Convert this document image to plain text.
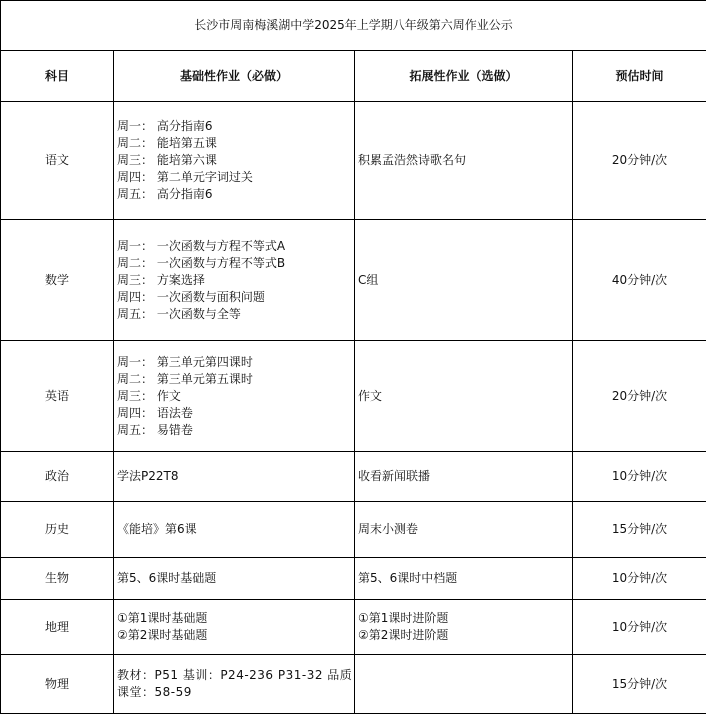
长沙市周南梅溪湖中学2025年上学期八年级第六周作业公示			
科目	基础性作业（必做）	拓展性作业（选做）	预估时间
语文	周一： 高分指南6
周二： 能培第五课
周三： 能培第六课
周四： 第二单元字词过关
周五： 高分指南6	积累孟浩然诗歌名句	20分钟/次
数学	周一： 一次函数与方程不等式A
周二： 一次函数与方程不等式B
周三： 方案选择
周四： 一次函数与面积问题
周五： 一次函数与全等	C组	40分钟/次
英语	周一： 第三单元第四课时
周二： 第三单元第五课时
周三： 作文
周四： 语法卷
周五： 易错卷	作文	20分钟/次
政治	学法P22T8	收看新闻联播	10分钟/次
历史	《能培》第6课	周末小测卷	15分钟/次
生物	第5、6课时基础题	第5、6课时中档题	10分钟/次
地理	①第1课时基础题
②第2课时基础题	①第1课时进阶题
②第2课时进阶题	10分钟/次
物理	教材：P51 基训：P24-236 P31-32 品质课堂：58-59		15分钟/次
